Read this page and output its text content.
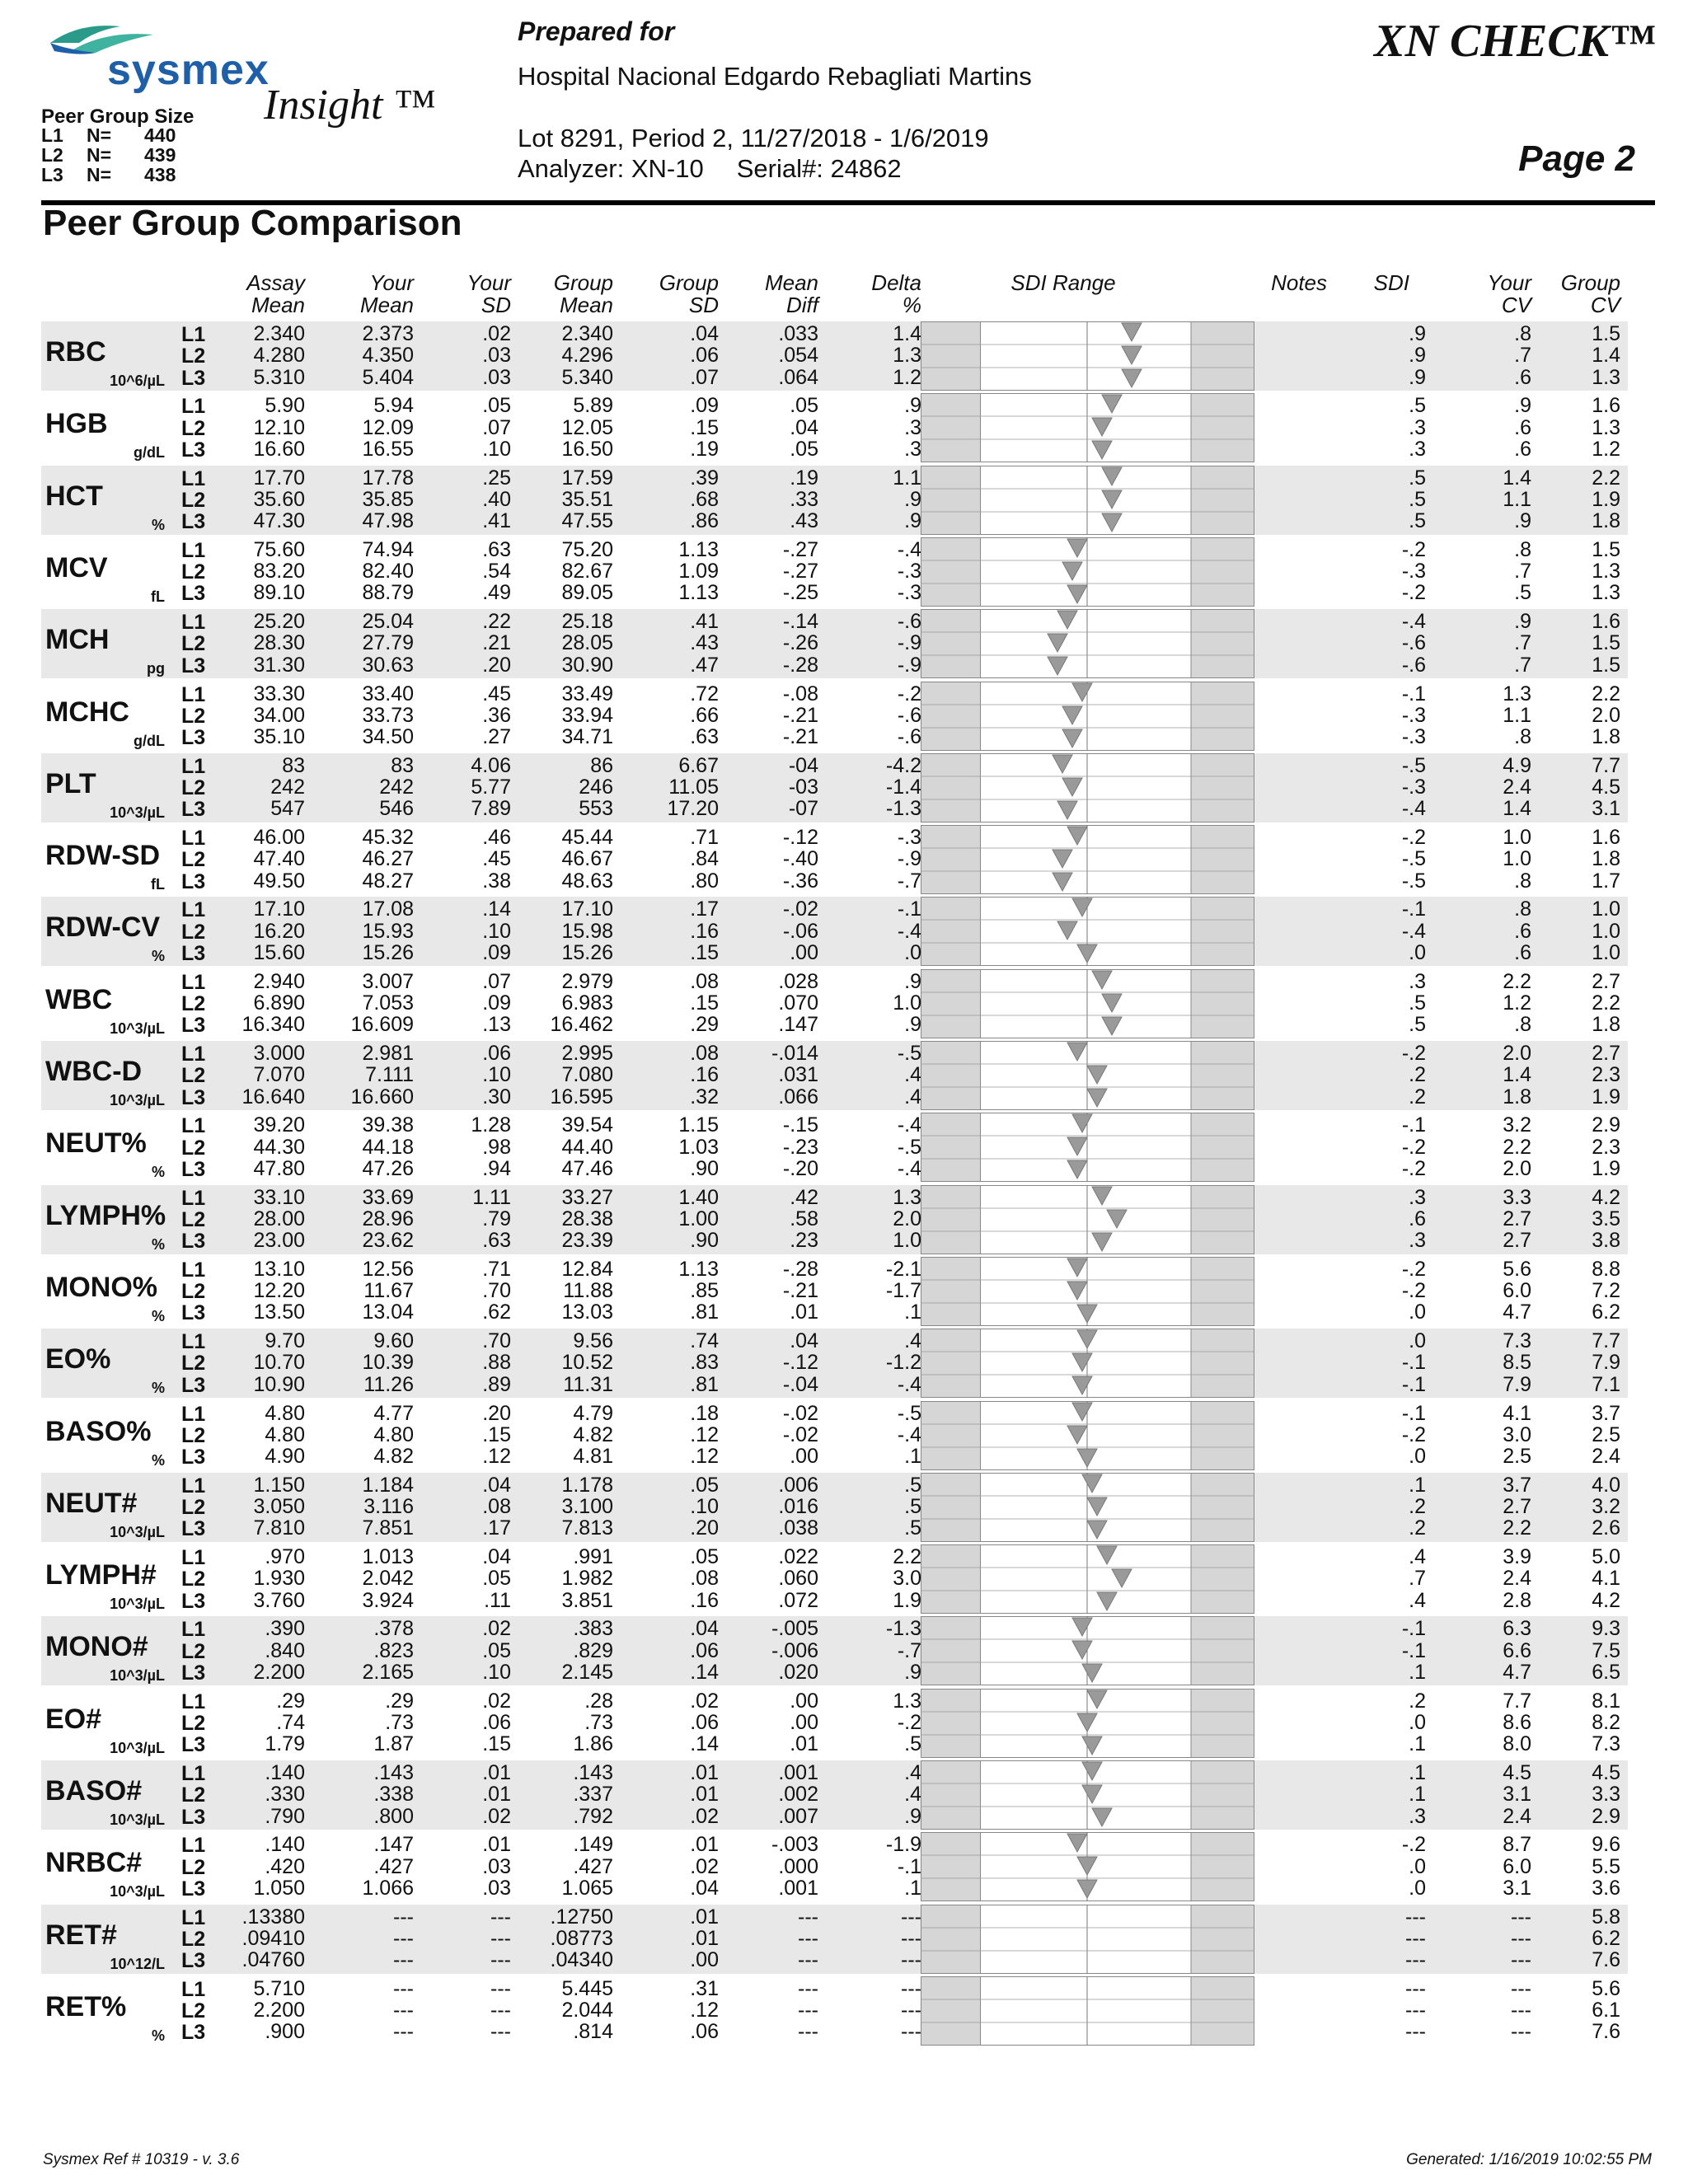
sysmex
Insight ™
Peer Group Size
L1 N= 440
L2 N= 439
L3 N= 438
Prepared for
Hospital Nacional Edgardo Rebagliati Martins
Lot 8291, Period 2, 11/27/2018 - 1/6/2019
Analyzer: XN-10 Serial#: 24862
XN CHECK™
Page 2
Peer Group Comparison
Assay
Mean
Your
Mean
Your
SD
Group
Mean
Group
SD
Mean
Diff
Delta
%
SDI Range	Notes	SDI	Your
CV
Group
CV
RBC
10^6/µL
L1	2.340	2.373	.02	2.340	.04	.033	1.4	.9	.8	1.5
L2	4.280	4.350	.03	4.296	.06	.054	1.3	.9	.7	1.4
L3	5.310	5.404	.03	5.340	.07	.064	1.2	.9	.6	1.3
HGB
g/dL
L1	5.90	5.94	.05	5.89	.09	.05	.9	.5	.9	1.6
L2	12.10	12.09	.07	12.05	.15	.04	.3	.3	.6	1.3
L3	16.60	16.55	.10	16.50	.19	.05	.3	.3	.6	1.2
HCT
%
L1	17.70	17.78	.25	17.59	.39	.19	1.1	.5	1.4	2.2
L2	35.60	35.85	.40	35.51	.68	.33	.9	.5	1.1	1.9
L3	47.30	47.98	.41	47.55	.86	.43	.9	.5	.9	1.8
MCV
fL
L1	75.60	74.94	.63	75.20	1.13	-.27	-.4	-.2	.8	1.5
L2	83.20	82.40	.54	82.67	1.09	-.27	-.3	-.3	.7	1.3
L3	89.10	88.79	.49	89.05	1.13	-.25	-.3	-.2	.5	1.3
MCH
pg
L1	25.20	25.04	.22	25.18	.41	-.14	-.6	-.4	.9	1.6
L2	28.30	27.79	.21	28.05	.43	-.26	-.9	-.6	.7	1.5
L3	31.30	30.63	.20	30.90	.47	-.28	-.9	-.6	.7	1.5
MCHC
g/dL
L1	33.30	33.40	.45	33.49	.72	-.08	-.2	-.1	1.3	2.2
L2	34.00	33.73	.36	33.94	.66	-.21	-.6	-.3	1.1	2.0
L3	35.10	34.50	.27	34.71	.63	-.21	-.6	-.3	.8	1.8
PLT
10^3/µL
L1	83	83	4.06	86	6.67	-04	-4.2	-.5	4.9	7.7
L2	242	242	5.77	246	11.05	-03	-1.4	-.3	2.4	4.5
L3	547	546	7.89	553	17.20	-07	-1.3	-.4	1.4	3.1
RDW-SD
fL
L1	46.00	45.32	.46	45.44	.71	-.12	-.3	-.2	1.0	1.6
L2	47.40	46.27	.45	46.67	.84	-.40	-.9	-.5	1.0	1.8
L3	49.50	48.27	.38	48.63	.80	-.36	-.7	-.5	.8	1.7
RDW-CV
%
L1	17.10	17.08	.14	17.10	.17	-.02	-.1	-.1	.8	1.0
L2	16.20	15.93	.10	15.98	.16	-.06	-.4	-.4	.6	1.0
L3	15.60	15.26	.09	15.26	.15	.00	.0	.0	.6	1.0
WBC
10^3/µL
L1	2.940	3.007	.07	2.979	.08	.028	.9	.3	2.2	2.7
L2	6.890	7.053	.09	6.983	.15	.070	1.0	.5	1.2	2.2
L3	16.340	16.609	.13	16.462	.29	.147	.9	.5	.8	1.8
WBC-D
10^3/µL
L1	3.000	2.981	.06	2.995	.08	-.014	-.5	-.2	2.0	2.7
L2	7.070	7.111	.10	7.080	.16	.031	.4	.2	1.4	2.3
L3	16.640	16.660	.30	16.595	.32	.066	.4	.2	1.8	1.9
NEUT%
%
L1	39.20	39.38	1.28	39.54	1.15	-.15	-.4	-.1	3.2	2.9
L2	44.30	44.18	.98	44.40	1.03	-.23	-.5	-.2	2.2	2.3
L3	47.80	47.26	.94	47.46	.90	-.20	-.4	-.2	2.0	1.9
LYMPH%
%
L1	33.10	33.69	1.11	33.27	1.40	.42	1.3	.3	3.3	4.2
L2	28.00	28.96	.79	28.38	1.00	.58	2.0	.6	2.7	3.5
L3	23.00	23.62	.63	23.39	.90	.23	1.0	.3	2.7	3.8
MONO%
%
L1	13.10	12.56	.71	12.84	1.13	-.28	-2.1	-.2	5.6	8.8
L2	12.20	11.67	.70	11.88	.85	-.21	-1.7	-.2	6.0	7.2
L3	13.50	13.04	.62	13.03	.81	.01	.1	.0	4.7	6.2
EO%
%
L1	9.70	9.60	.70	9.56	.74	.04	.4	.0	7.3	7.7
L2	10.70	10.39	.88	10.52	.83	-.12	-1.2	-.1	8.5	7.9
L3	10.90	11.26	.89	11.31	.81	-.04	-.4	-.1	7.9	7.1
BASO%
%
L1	4.80	4.77	.20	4.79	.18	-.02	-.5	-.1	4.1	3.7
L2	4.80	4.80	.15	4.82	.12	-.02	-.4	-.2	3.0	2.5
L3	4.90	4.82	.12	4.81	.12	.00	.1	.0	2.5	2.4
NEUT#
10^3/µL
L1	1.150	1.184	.04	1.178	.05	.006	.5	.1	3.7	4.0
L2	3.050	3.116	.08	3.100	.10	.016	.5	.2	2.7	3.2
L3	7.810	7.851	.17	7.813	.20	.038	.5	.2	2.2	2.6
LYMPH#
10^3/µL
L1	.970	1.013	.04	.991	.05	.022	2.2	.4	3.9	5.0
L2	1.930	2.042	.05	1.982	.08	.060	3.0	.7	2.4	4.1
L3	3.760	3.924	.11	3.851	.16	.072	1.9	.4	2.8	4.2
MONO#
10^3/µL
L1	.390	.378	.02	.383	.04	-.005	-1.3	-.1	6.3	9.3
L2	.840	.823	.05	.829	.06	-.006	-.7	-.1	6.6	7.5
L3	2.200	2.165	.10	2.145	.14	.020	.9	.1	4.7	6.5
EO#
10^3/µL
L1	.29	.29	.02	.28	.02	.00	1.3	.2	7.7	8.1
L2	.74	.73	.06	.73	.06	.00	-.2	.0	8.6	8.2
L3	1.79	1.87	.15	1.86	.14	.01	.5	.1	8.0	7.3
BASO#
10^3/µL
L1	.140	.143	.01	.143	.01	.001	.4	.1	4.5	4.5
L2	.330	.338	.01	.337	.01	.002	.4	.1	3.1	3.3
L3	.790	.800	.02	.792	.02	.007	.9	.3	2.4	2.9
NRBC#
10^3/µL
L1	.140	.147	.01	.149	.01	-.003	-1.9	-.2	8.7	9.6
L2	.420	.427	.03	.427	.02	.000	-.1	.0	6.0	5.5
L3	1.050	1.066	.03	1.065	.04	.001	.1	.0	3.1	3.6
RET#
10^12/L
L1	.13380	---	---	.12750	.01	---	---	---	---	5.8
L2	.09410	---	---	.08773	.01	---	---	---	---	6.2
L3	.04760	---	---	.04340	.00	---	---	---	---	7.6
RET%
%
L1	5.710	---	---	5.445	.31	---	---	---	---	5.6
L2	2.200	---	---	2.044	.12	---	---	---	---	6.1
L3	.900	---	---	.814	.06	---	---	---	---	7.6
Sysmex Ref # 10319 - v. 3.6	Generated: 1/16/2019 10:02:55 PM
